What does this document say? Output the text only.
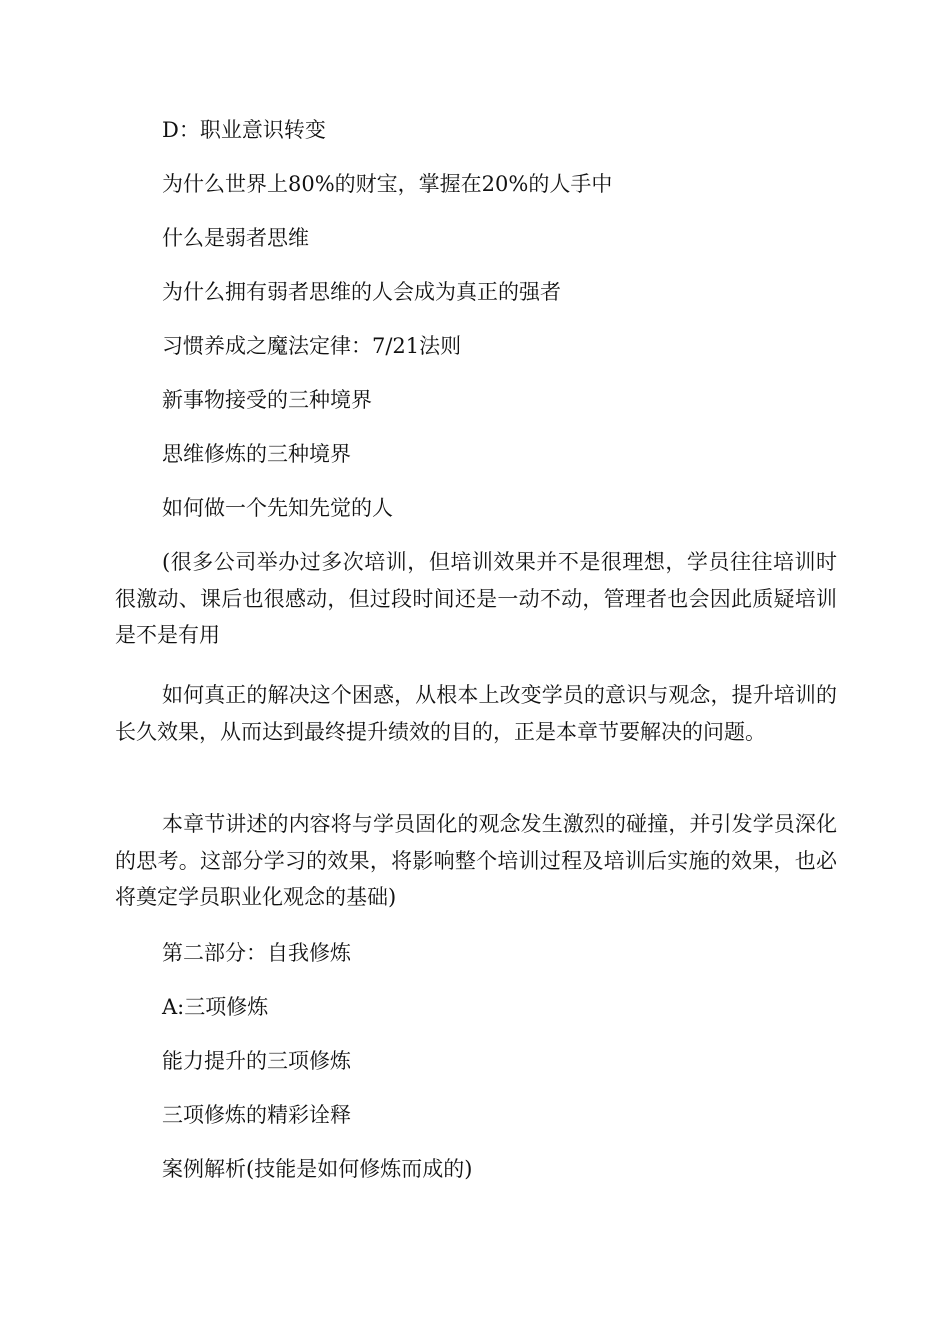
D：职业意识转变

为什么世界上80%的财宝，掌握在20%的人手中

什么是弱者思维

为什么拥有弱者思维的人会成为真正的强者

习惯养成之魔法定律：7/21法则

新事物接受的三种境界

思维修炼的三种境界

如何做一个先知先觉的人

(很多公司举办过多次培训，但培训效果并不是很理想，学员往往培训时很激动、课后也很感动，但过段时间还是一动不动，管理者也会因此质疑培训是不是有用

如何真正的解决这个困惑，从根本上改变学员的意识与观念，提升培训的长久效果，从而达到最终提升绩效的目的，正是本章节要解决的问题。

本章节讲述的内容将与学员固化的观念发生激烈的碰撞，并引发学员深化的思考。这部分学习的效果，将影响整个培训过程及培训后实施的效果，也必将奠定学员职业化观念的基础)

第二部分：自我修炼

A:三项修炼

能力提升的三项修炼

三项修炼的精彩诠释

案例解析(技能是如何修炼而成的)
